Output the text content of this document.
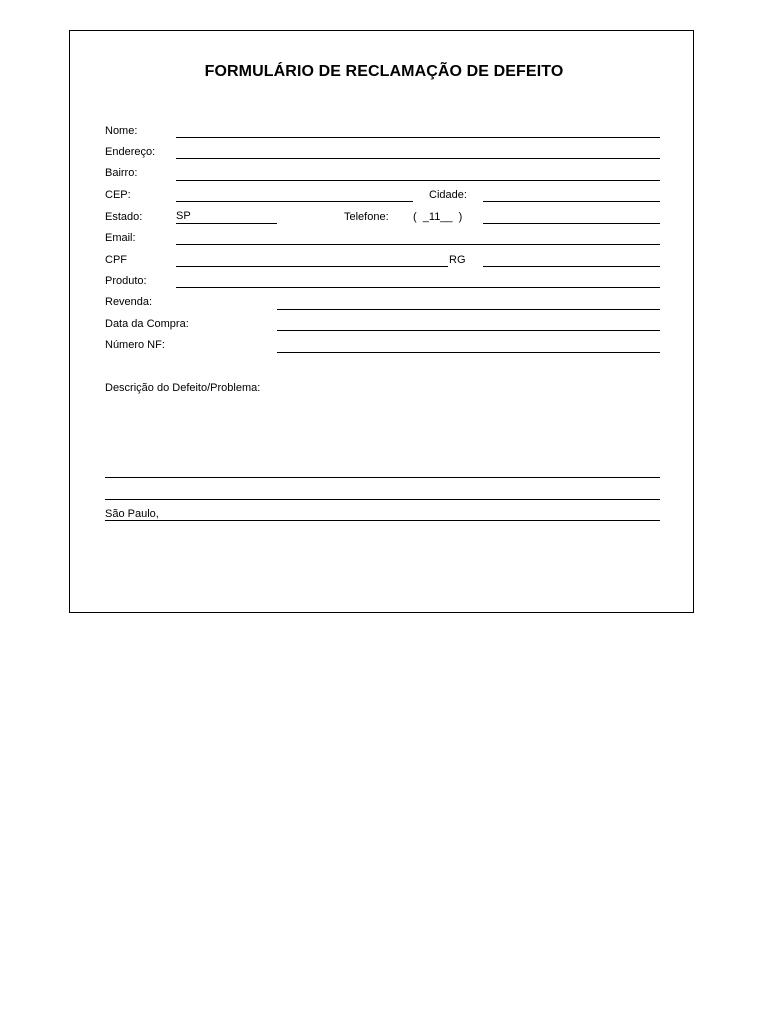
FORMULÁRIO DE RECLAMAÇÃO DE DEFEITO
Nome:
Endereço:
Bairro:
CEP:	Cidade:
Estado:	SP	Telefone: (  _11__  )
Email:
CPF	RG
Produto:
Revenda:
Data da Compra:
Número NF:
Descrição do Defeito/Problema:
São Paulo,
